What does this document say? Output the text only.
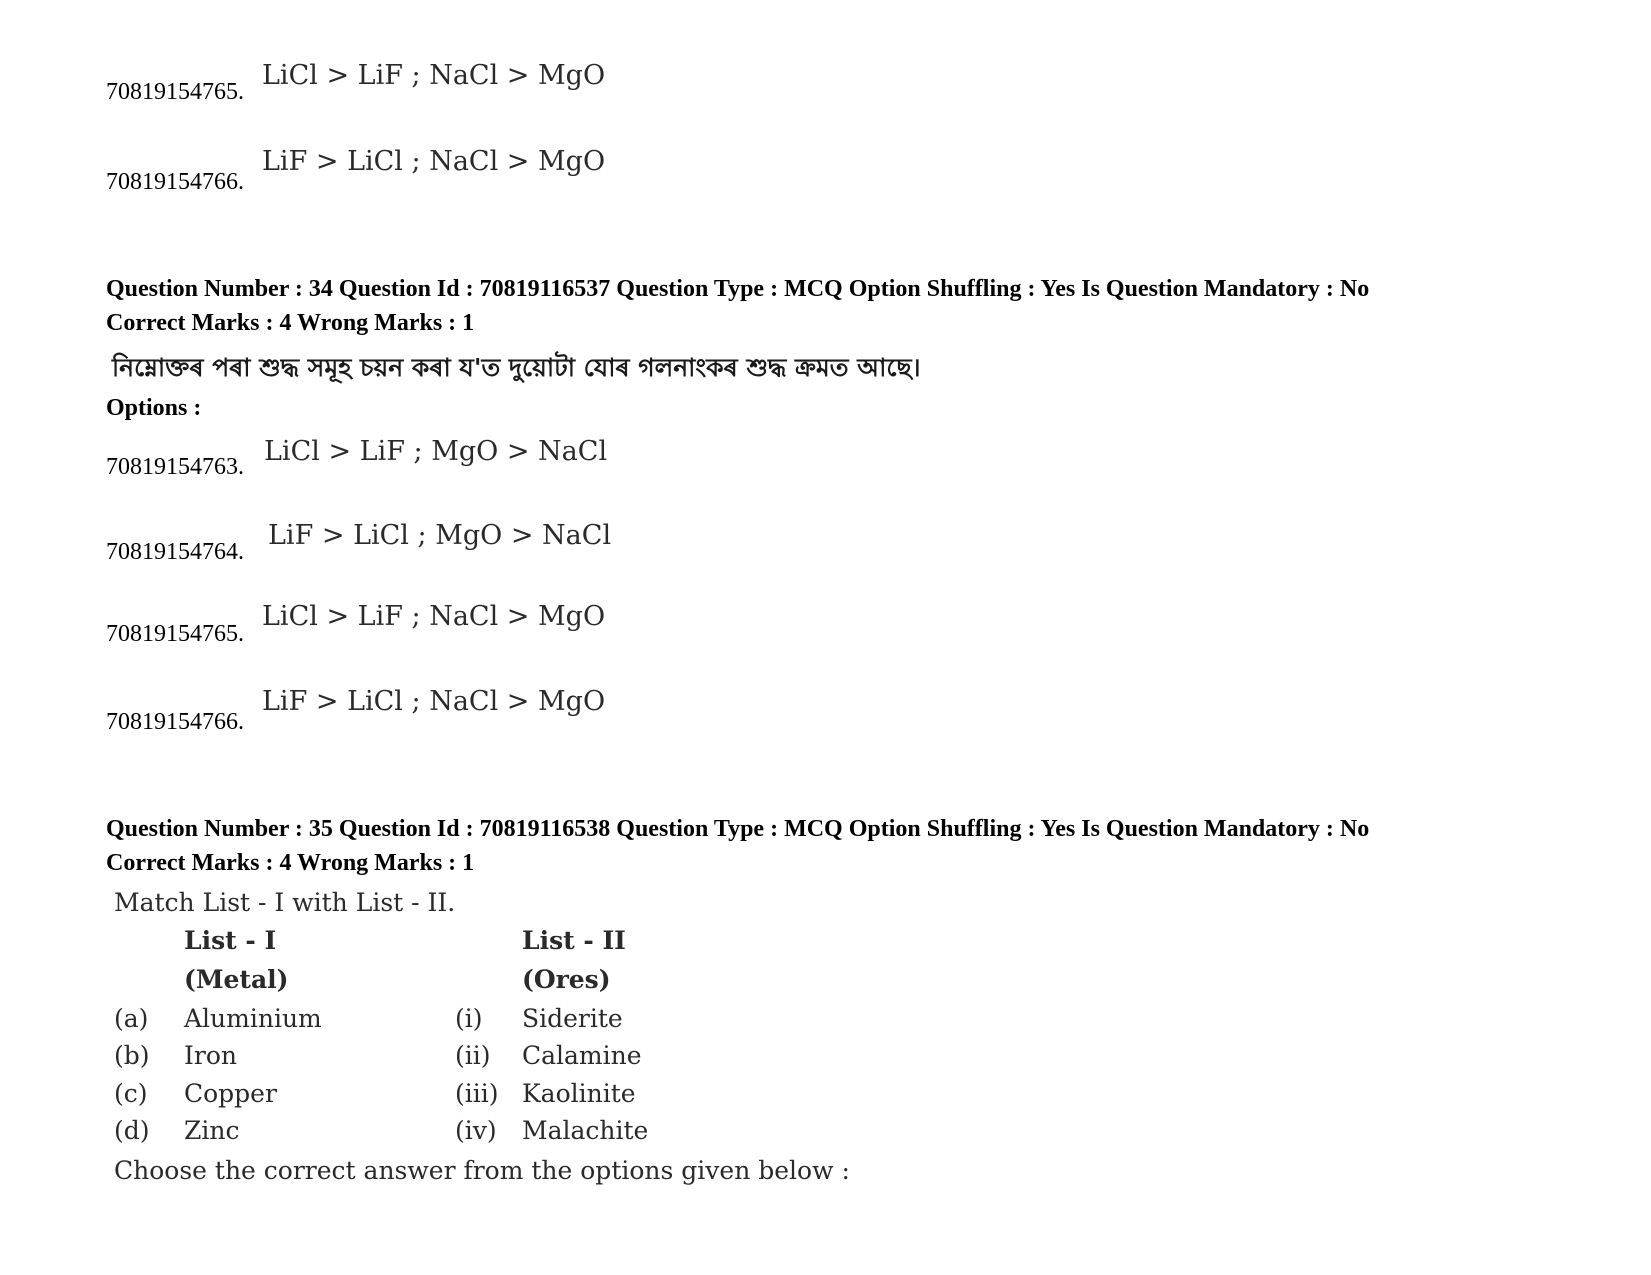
70819154765.
LiCl > LiF ; NaCl > MgO
70819154766.
LiF > LiCl ; NaCl > MgO
Question Number : 34 Question Id : 70819116537 Question Type : MCQ Option Shuffling : Yes Is Question Mandatory : No
Correct Marks : 4 Wrong Marks : 1
নিম্নোক্তৰ পৰা শুদ্ধ সমূহ চয়ন কৰা য'ত দুয়োটা যোৰ গলনাংকৰ শুদ্ধ ক্ৰমত আছে।
Options :
70819154763. LiCl > LiF ; MgO > NaCl
70819154764.
LiF > LiCl ; MgO > NaCl
70819154765.
LiCl > LiF ; NaCl > MgO
70819154766.
LiF > LiCl ; NaCl > MgO
Question Number : 35 Question Id : 70819116538 Question Type : MCQ Option Shuffling : Yes Is Question Mandatory : No
Correct Marks : 4 Wrong Marks : 1
Match List - I with List - II.
List - I	List - II
(Metal)	(Ores)
(a) Aluminium	(i) Siderite
(b) Iron	(ii) Calamine
(c) Copper	(iii) Kaolinite
(d) Zinc	(iv) Malachite
Choose the correct answer from the options given below :
